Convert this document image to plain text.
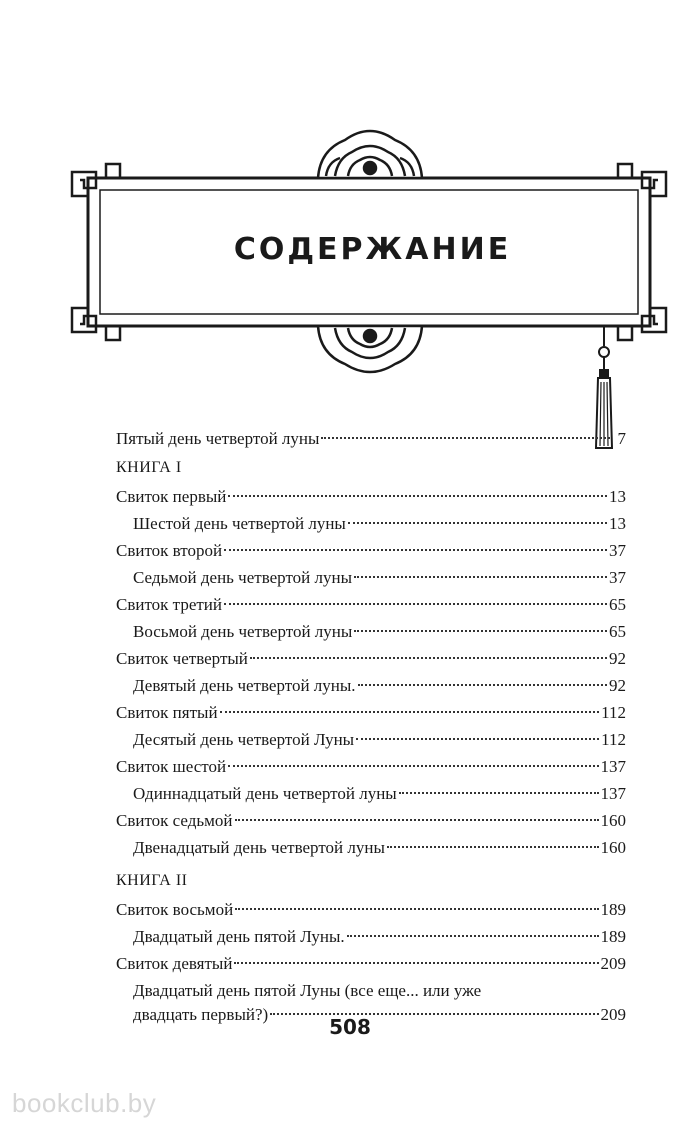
СОДЕРЖАНИЕ
Пятый день четвертой луны	7
КНИГА I
Свиток первый	13
Шестой день четвертой луны	13
Свиток второй	37
Седьмой день четвертой луны	37
Свиток третий	65
Восьмой день четвертой луны	65
Свиток четвертый	92
Девятый день четвертой луны.	92
Свиток пятый	112
Десятый день четвертой Луны	112
Свиток шестой	137
Одиннадцатый день четвертой луны	137
Свиток седьмой	160
Двенадцатый день четвертой луны	160
КНИГА II
Свиток восьмой	189
Двадцатый день пятой Луны.	189
Свиток девятый	209
Двадцатый день пятой Луны (все еще... или уже
двадцать первый?)	209
508
bookclub.by
